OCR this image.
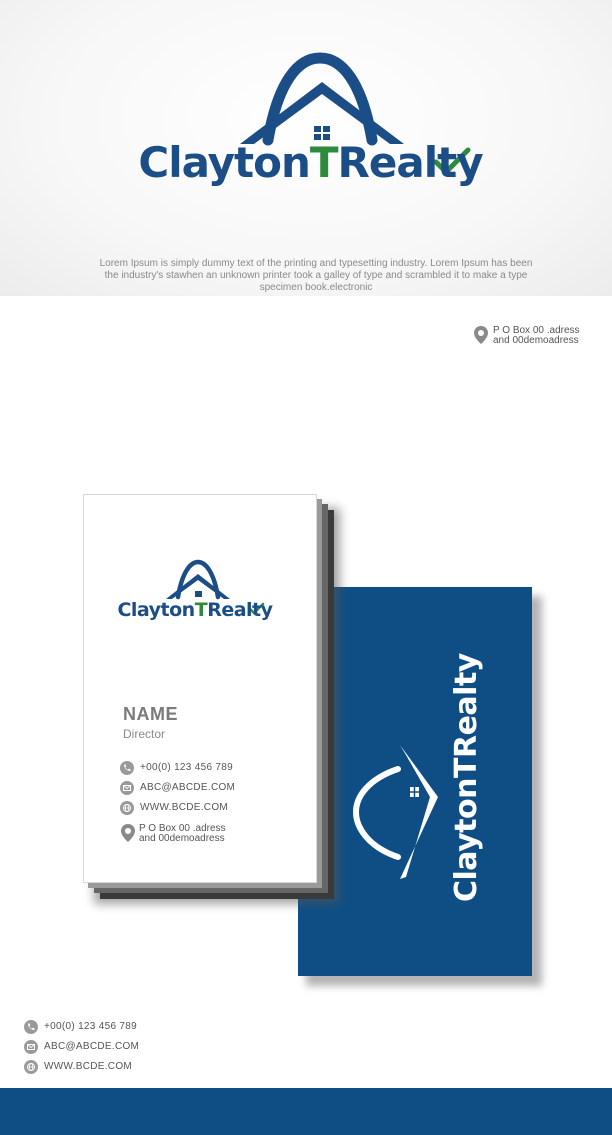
ClaytonTRealty
Lorem Ipsum is simply dummy text of the printing and typesetting industry. Lorem Ipsum has been the industry's stawhen an unknown printer took a galley of type and scrambled it to make a type specimen book.electronic
P O Box 00 .adress
and 00demoadress
ClaytonTRealty
ClaytonTRealty
NAME
Director
+00(0) 123 456 789
ABC@ABCDE.COM
WWW.BCDE.COM
P O Box 00 .adress
and 00demoadress
+00(0) 123 456 789
ABC@ABCDE.COM
WWW.BCDE.COM
